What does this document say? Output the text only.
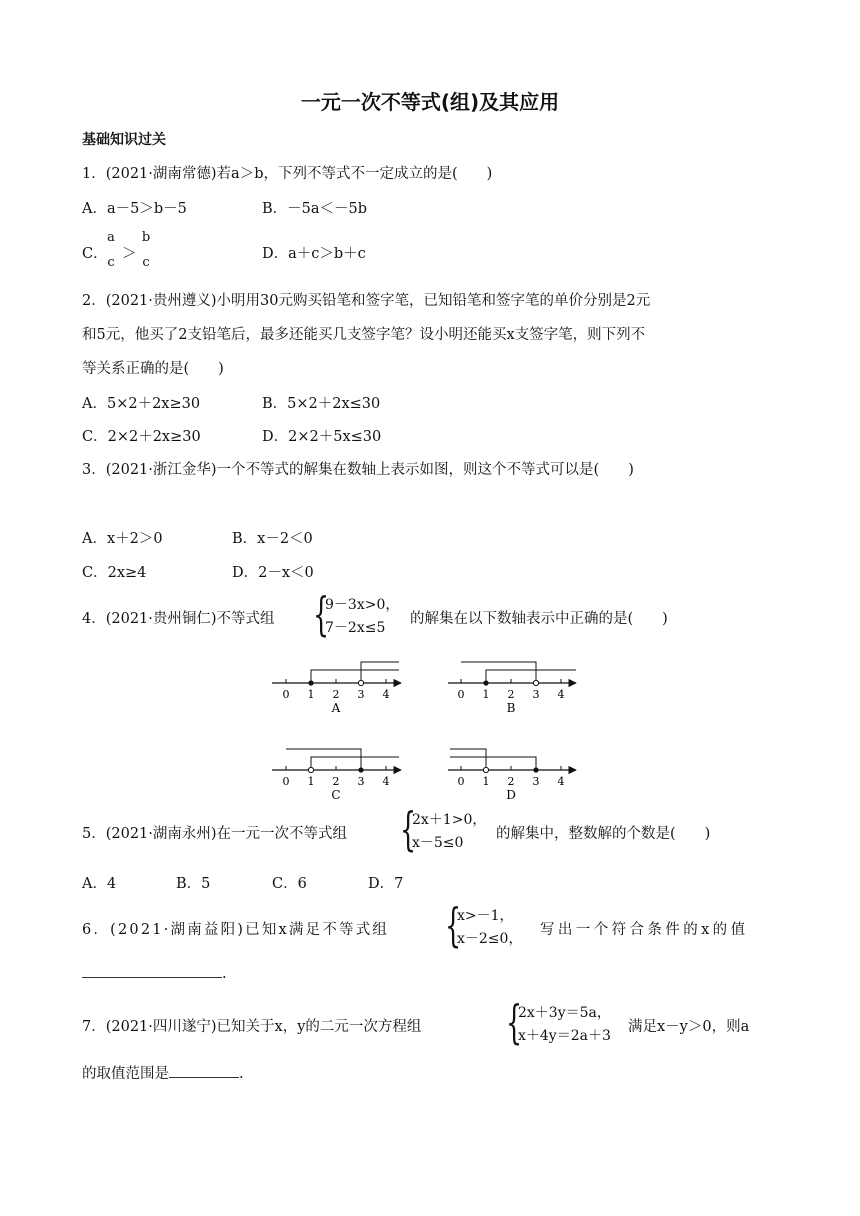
一元一次不等式(组)及其应用
基础知识过关
1．(2021·湖南常德)若a＞b，下列不等式不一定成立的是(　　)
A．a－5＞b－5	B．－5a＜－5b
C．
a
c
＞
b
c
D．a＋c＞b＋c
2．(2021·贵州遵义)小明用30元购买铅笔和签字笔，已知铅笔和签字笔的单价分别是2元
和5元，他买了2支铅笔后，最多还能买几支签字笔？设小明还能买x支签字笔，则下列不
等关系正确的是(　　)
A．5×2＋2x≥30	B．5×2＋2x≤30
C．2×2＋2x≥30	D．2×2＋5x≤30
3．(2021·浙江金华)一个不等式的解集在数轴上表示如图，则这个不等式可以是(　　)
A．x＋2＞0	B．x－2＜0
C．2x≥4	D．2－x＜0
4．(2021·贵州铜仁)不等式组 {
9－3x>0，
7－2x≤5
的解集在以下数轴表示中正确的是(　　)
0 1 2 3 4
A
0 1 2 3 4
B
0 1 2 3 4
C
0 1 2 3 4
D
5．(2021·湖南永州)在一元一次不等式组 {
2x＋1>0，
x－5≤0
的解集中，整数解的个数是(　　)
A．4	B．5	C．6	D．7
6．(2021·湖南益阳)已知x满足不等式组 {
x>－1，
x－2≤0，
写出一个符合条件的x的值
.
7．(2021·四川遂宁)已知关于x，y的二元一次方程组 {
2x＋3y＝5a，
x＋4y＝2a＋3
满足x－y＞0，则a
的取值范围是	.
